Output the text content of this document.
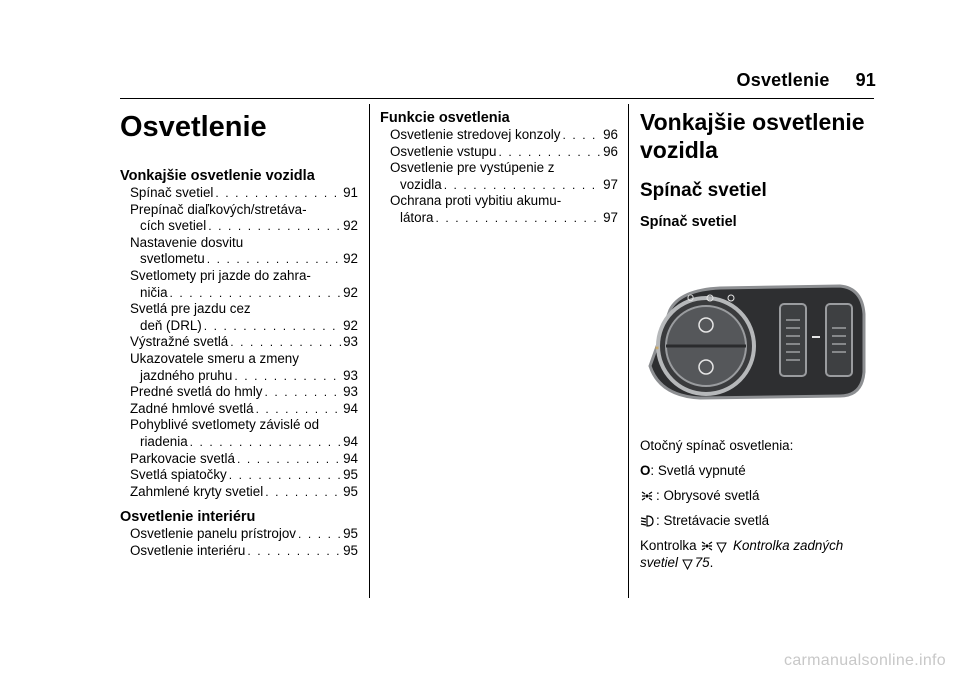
Osvetlenie 91
Osvetlenie
Vonkajšie osvetlenie vozidla
Spínač svetiel . . .	91
Prepínač diaľkových/stretáva-
cích svetiel . . .	92
Nastavenie dosvitu
svetlometu . . .	92
Svetlomety pri jazde do zahra-
ničia . . .	92
Svetlá pre jazdu cez
deň (DRL) . . .	92
Výstražné svetlá . . .	93
Ukazovatele smeru a zmeny
jazdného pruhu . . .	93
Predné svetlá do hmly . . .	93
Zadné hmlové svetlá . . .	94
Pohyblivé svetlomety závislé od
riadenia . . .	94
Parkovacie svetlá . . .	94
Svetlá spiatočky . . .	95
Zahmlené kryty svetiel . . .	95
Osvetlenie interiéru
Osvetlenie panelu prístrojov . . .	95
Osvetlenie interiéru . . .	95
Funkcie osvetlenia
Osvetlenie stredovej konzoly . . .	96
Osvetlenie vstupu . . .	96
Osvetlenie pre vystúpenie z
vozidla . . .	97
Ochrana proti vybitiu akumu-
látora . . .	97
Vonkajšie osvetlenie vozidla
Spínač svetiel
Spínač svetiel
O
*
Otočný spínač osvetlenia:
O: Svetlá vypnuté
: Obrysové svetlá
: Stretávacie svetlá
Kontrolka	Kontrolka zadných svetiel 75.
carmanualsonline.info
